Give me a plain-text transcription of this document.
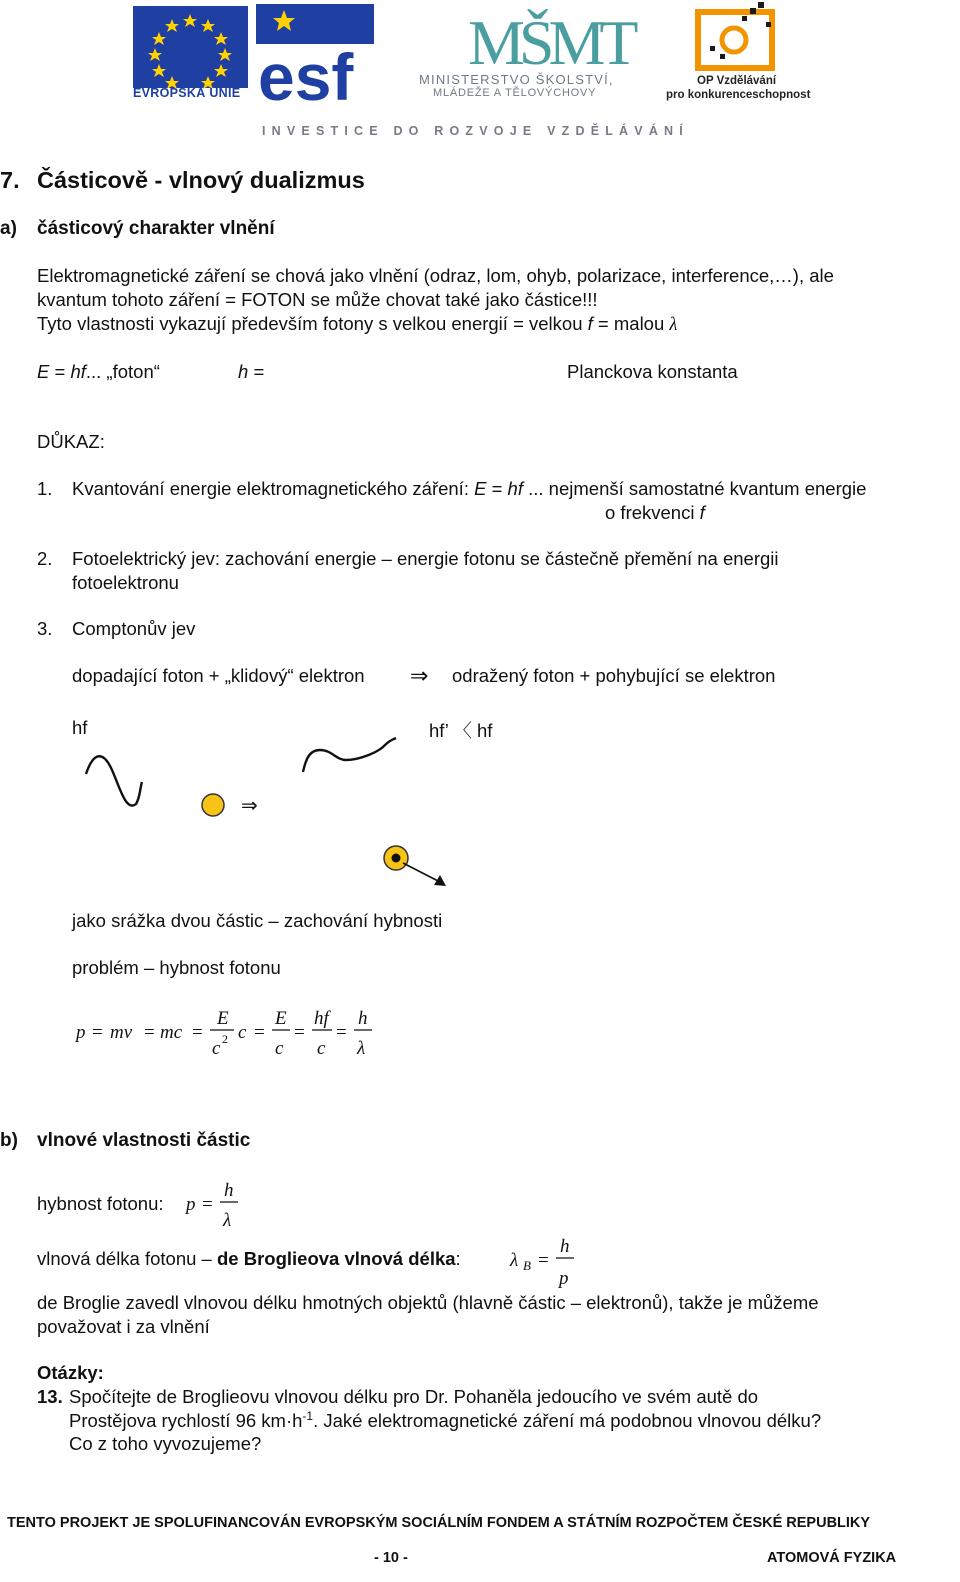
EVROPSKÁ UNIE esf MŠMT
MINISTERSTVO ŠKOLSTVÍ,
MLÁDEŽE A TĚLOVÝCHOVY
OP Vzdělávání
pro konkurenceschopnost
INVESTICE DO ROZVOJE VZDĚLÁVÁNÍ
7. Částicově - vlnový dualizmus
a) částicový charakter vlnění
Elektromagnetické záření se chová jako vlnění (odraz, lom, ohyb, polarizace, interference,…), ale
kvantum tohoto záření = FOTON se může chovat také jako částice!!!
Tyto vlastnosti vykazují především fotony s velkou energií = velkou f = malou λ
E = hf... „foton“	h =	Planckova konstanta
DŮKAZ:
1. Kvantování energie elektromagnetického záření: E = hf ... nejmenší samostatné kvantum energie
o frekvenci f
2. Fotoelektrický jev: zachování energie – energie fotonu se částečně přemění na energii
fotoelektronu
3. Comptonův jev
dopadající foton + „klidový“ elektron ⇒ odražený foton + pohybující se elektron
hf	hf’ 〈 hf
⇒
jako srážka dvou částic – zachování hybnosti
problém – hybnost fotonu
p = mv = mc =
E
c 2 c =
E
c
=
hf
c
=
h
λ
b) vlnové vlastnosti částic
hybnost fotonu: p =
h
λ
vlnová délka fotonu – de Broglieova vlnová délka:	λ B =
h
p
de Broglie zavedl vlnovou délku hmotných objektů (hlavně částic – elektronů), takže je můžeme
považovat i za vlnění
Otázky:
13. Spočítejte de Broglieovu vlnovou délku pro Dr. Pohaněla jedoucího ve svém autě do
Prostějova rychlostí 96 $km\cdot h^{-1}$. Jaké elektromagnetické záření má podobnou vlnovou délku?
Co z toho vyvozujeme?
TENTO PROJEKT JE SPOLUFINANCOVÁN EVROPSKÝM SOCIÁLNÍM FONDEM A STÁTNÍM ROZPOČTEM ČESKÉ REPUBLIKY
- 10 -	ATOMOVÁ FYZIKA
